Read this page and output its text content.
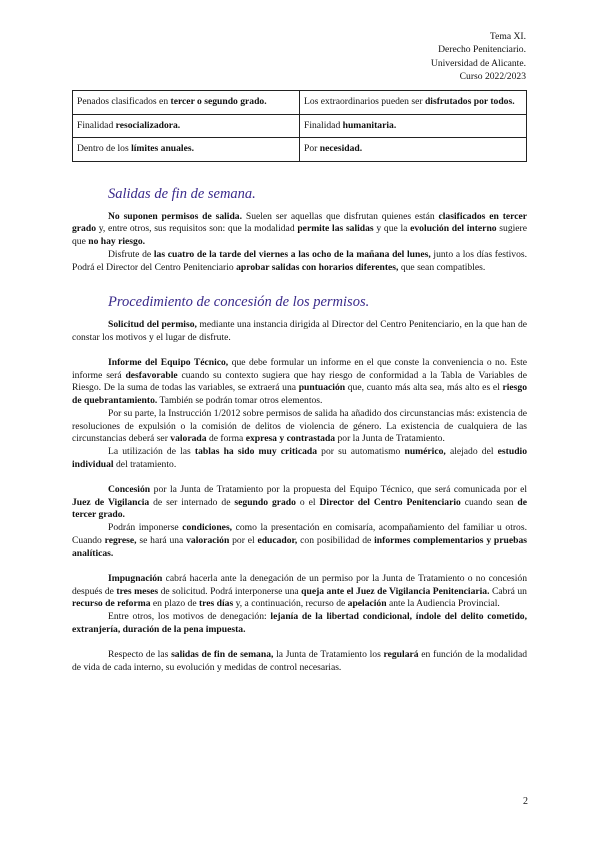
Tema XI.
Derecho Penitenciario.
Universidad de Alicante.
Curso 2022/2023
Penados clasificados en tercer o segundo grado.	Los extraordinarios pueden ser disfrutados por todos.
Finalidad resocializadora.	Finalidad humanitaria.
Dentro de los límites anuales.	Por necesidad.
Salidas de fin de semana.

No suponen permisos de salida. Suelen ser aquellas que disfrutan quienes están clasificados en tercer grado y, entre otros, sus requisitos son: que la modalidad permite las salidas y que la evolución del interno sugiere que no hay riesgo.

Disfrute de las cuatro de la tarde del viernes a las ocho de la mañana del lunes, junto a los días festivos. Podrá el Director del Centro Penitenciario aprobar salidas con horarios diferentes, que sean compatibles.

Procedimiento de concesión de los permisos.

Solicitud del permiso, mediante una instancia dirigida al Director del Centro Penitenciario, en la que han de constar los motivos y el lugar de disfrute.

Informe del Equipo Técnico, que debe formular un informe en el que conste la conveniencia o no. Este informe será desfavorable cuando su contexto sugiera que hay riesgo de conformidad a la Tabla de Variables de Riesgo. De la suma de todas las variables, se extraerá una puntuación que, cuanto más alta sea, más alto es el riesgo de quebrantamiento. También se podrán tomar otros elementos.

Por su parte, la Instrucción 1/2012 sobre permisos de salida ha añadido dos circunstancias más: existencia de resoluciones de expulsión o la comisión de delitos de violencia de género. La existencia de cualquiera de las circunstancias deberá ser valorada de forma expresa y contrastada por la Junta de Tratamiento.

La utilización de las tablas ha sido muy criticada por su automatismo numérico, alejado del estudio individual del tratamiento.

Concesión por la Junta de Tratamiento por la propuesta del Equipo Técnico, que será comunicada por el Juez de Vigilancia de ser internado de segundo grado o el Director del Centro Penitenciario cuando sean de tercer grado.

Podrán imponerse condiciones, como la presentación en comisaría, acompañamiento del familiar u otros. Cuando regrese, se hará una valoración por el educador, con posibilidad de informes complementarios y pruebas analíticas.

Impugnación cabrá hacerla ante la denegación de un permiso por la Junta de Tratamiento o no concesión después de tres meses de solicitud. Podrá interponerse una queja ante el Juez de Vigilancia Penitenciaria. Cabrá un recurso de reforma en plazo de tres días y, a continuación, recurso de apelación ante la Audiencia Provincial.

Entre otros, los motivos de denegación: lejanía de la libertad condicional, índole del delito cometido, extranjería, duración de la pena impuesta.

Respecto de las salidas de fin de semana, la Junta de Tratamiento los regulará en función de la modalidad de vida de cada interno, su evolución y medidas de control necesarias.

2
